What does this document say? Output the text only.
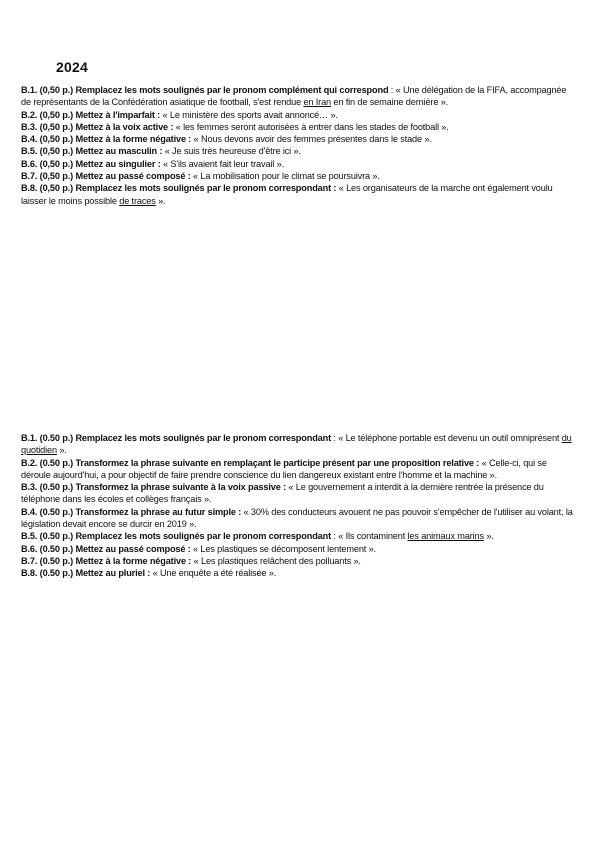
2024

B.1. (0,50 p.) Remplacez les mots soulignés par le pronom complément qui correspond : « Une délégation de la FIFA, accompagnée de représentants de la Confédération asiatique de football, s'est rendue en Iran en fin de semaine dernière ».

B.2. (0,50 p.) Mettez à l'imparfait : « Le ministère des sports avait annoncé… ».

B.3. (0,50 p.) Mettez à la voix active : « les femmes seront autorisées à entrer dans les stades de football ».

B.4. (0,50 p.) Mettez à la forme négative : « Nous devons avoir des femmes présentes dans le stade ».

B.5. (0,50 p.) Mettez au masculin : « Je suis très heureuse d'être ici ».

B.6. (0,50 p.) Mettez au singulier : « S'ils avaient fait leur travail ».

B.7. (0,50 p.) Mettez au passé composé : « La mobilisation pour le climat se poursuivra ».

B.8. (0,50 p.) Remplacez les mots soulignés par le pronom correspondant : « Les organisateurs de la marche ont également voulu laisser le moins possible de traces ».

B.1. (0.50 p.) Remplacez les mots soulignés par le pronom correspondant : « Le téléphone portable est devenu un outil omniprésent du quotidien ».

B.2. (0.50 p.) Transformez la phrase suivante en remplaçant le participe présent par une proposition relative : « Celle-ci, qui se déroule aujourd'hui, a pour objectif de faire prendre conscience du lien dangereux existant entre l'homme et la machine ».

B.3. (0.50 p.) Transformez la phrase suivante à la voix passive : « Le gouvernement a interdit à la dernière rentrée la présence du téléphone dans les écoles et collèges français ».

B.4. (0.50 p.) Transformez la phrase au futur simple : « 30% des conducteurs avouent ne pas pouvoir s'empêcher de l'utiliser au volant, la législation devait encore se durcir en 2019 ».

B.5. (0.50 p.) Remplacez les mots soulignés par le pronom correspondant : « Ils contaminent les animaux marins ».

B.6. (0.50 p.) Mettez au passé composé : « Les plastiques se décomposent lentement ».

B.7. (0.50 p.) Mettez à la forme négative : « Les plastiques relâchent des polluants ».

B.8. (0.50 p.) Mettez au pluriel : « Une enquête a été réalisée ».
